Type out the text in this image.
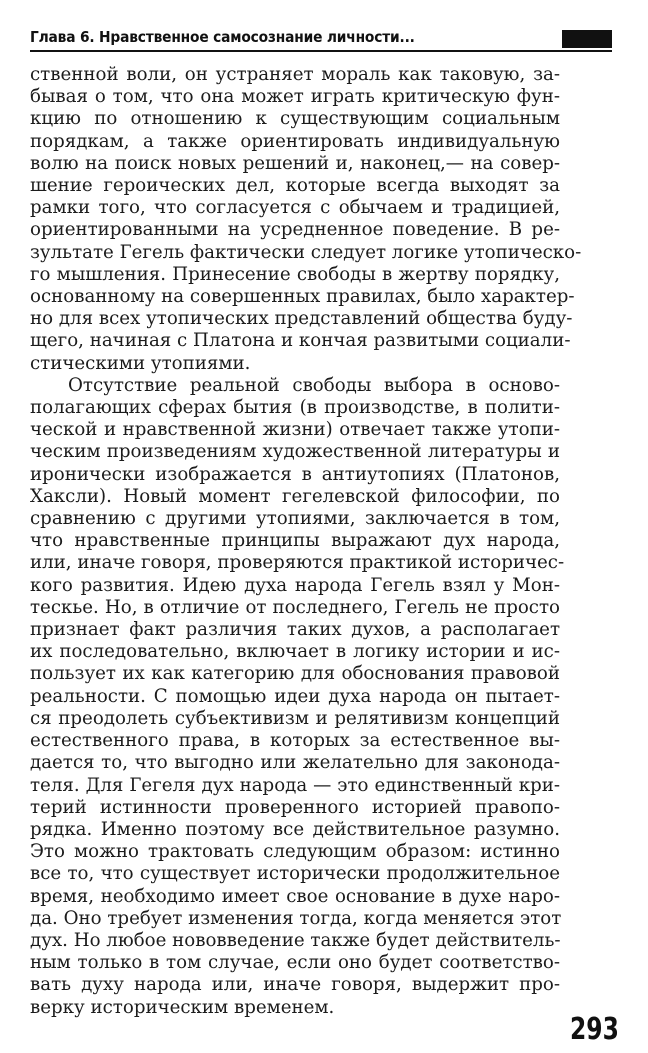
Глава 6. Нравственное самосознание личности...

ственной воли, он устраняет мораль как таковую, за-
бывая о том, что она может играть критическую фун-
кцию по отношению к существующим социальным
порядкам, а также ориентировать индивидуальную
волю на поиск новых решений и, наконец,— на совер-
шение героических дел, которые всегда выходят за
рамки того, что согласуется с обычаем и традицией,
ориентированными на усредненное поведение. В ре-
зультате Гегель фактически следует логике утопическо-
го мышления. Принесение свободы в жертву порядку,
основанному на совершенных правилах, было характер-
но для всех утопических представлений общества буду-
щего, начиная с Платона и кончая развитыми социали-
стическими утопиями.

Отсутствие реальной свободы выбора в осново-
полагающих сферах бытия (в производстве, в полити-
ческой и нравственной жизни) отвечает также утопи-
ческим произведениям художественной литературы и
иронически изображается в антиутопиях (Платонов,
Хаксли). Новый момент гегелевской философии, по
сравнению с другими утопиями, заключается в том,
что нравственные принципы выражают дух народа,
или, иначе говоря, проверяются практикой историчес-
кого развития. Идею духа народа Гегель взял у Мон-
тескье. Но, в отличие от последнего, Гегель не просто
признает факт различия таких духов, а располагает
их последовательно, включает в логику истории и ис-
пользует их как категорию для обоснования правовой
реальности. С помощью идеи духа народа он пытает-
ся преодолеть субъективизм и релятивизм концепций
естественного права, в которых за естественное вы-
дается то, что выгодно или желательно для законода-
теля. Для Гегеля дух народа — это единственный кри-
терий истинности проверенного историей правопо-
рядка. Именно поэтому все действительное разумно.
Это можно трактовать следующим образом: истинно
все то, что существует исторически продолжительное
время, необходимо имеет свое основание в духе наро-
да. Оно требует изменения тогда, когда меняется этот
дух. Но любое нововведение также будет действитель-
ным только в том случае, если оно будет соответство-
вать духу народа или, иначе говоря, выдержит про-
верку историческим временем.

293
